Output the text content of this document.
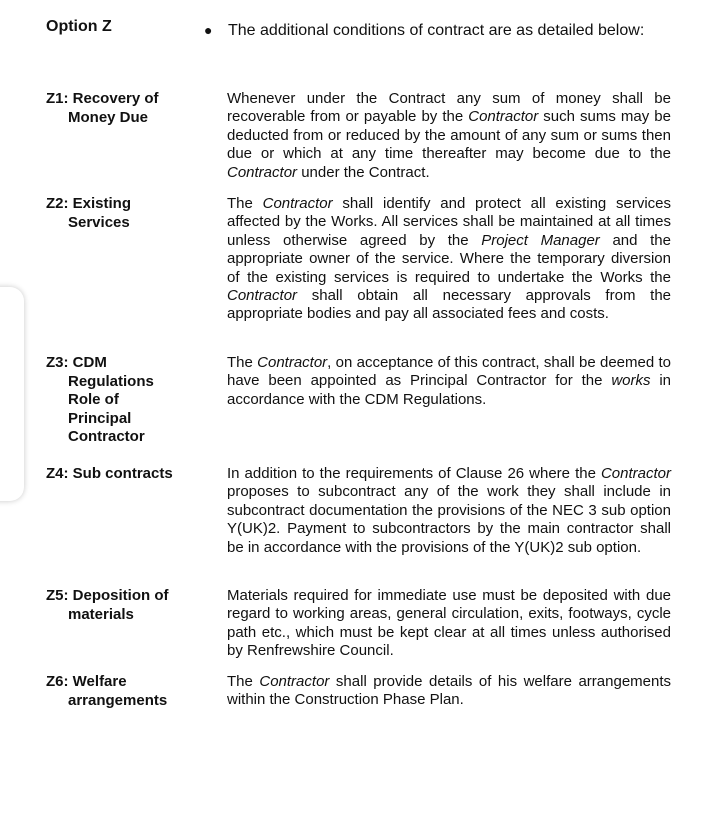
Option Z	● The additional conditions of contract are as detailed below:
Z1: Recovery of
Money Due
Whenever under the Contract any sum of money shall be recoverable from or payable by the Contractor such sums may be deducted from or reduced by the amount of any sum or sums then due or which at any time thereafter may become due to the Contractor under the Contract.
Z2: Existing
Services
The Contractor shall identify and protect all existing services affected by the Works. All services shall be maintained at all times unless otherwise agreed by the Project Manager and the appropriate owner of the service. Where the temporary diversion of the existing services is required to undertake the Works the Contractor shall obtain all necessary approvals from the appropriate bodies and pay all associated fees and costs.
Z3: CDM
Regulations
Role of
Principal
Contractor
The Contractor, on acceptance of this contract, shall be deemed to have been appointed as Principal Contractor for the works in accordance with the CDM Regulations.
Z4: Sub contracts	In addition to the requirements of Clause 26 where the Contractor proposes to subcontract any of the work they shall include in subcontract documentation the provisions of the NEC 3 sub option Y(UK)2. Payment to subcontractors by the main contractor shall be in accordance with the provisions of the Y(UK)2 sub option.
Z5: Deposition of
materials
Materials required for immediate use must be deposited with due regard to working areas, general circulation, exits, footways, cycle path etc., which must be kept clear at all times unless authorised by Renfrewshire Council.
Z6: Welfare
arrangements
The Contractor shall provide details of his welfare arrangements within the Construction Phase Plan.
